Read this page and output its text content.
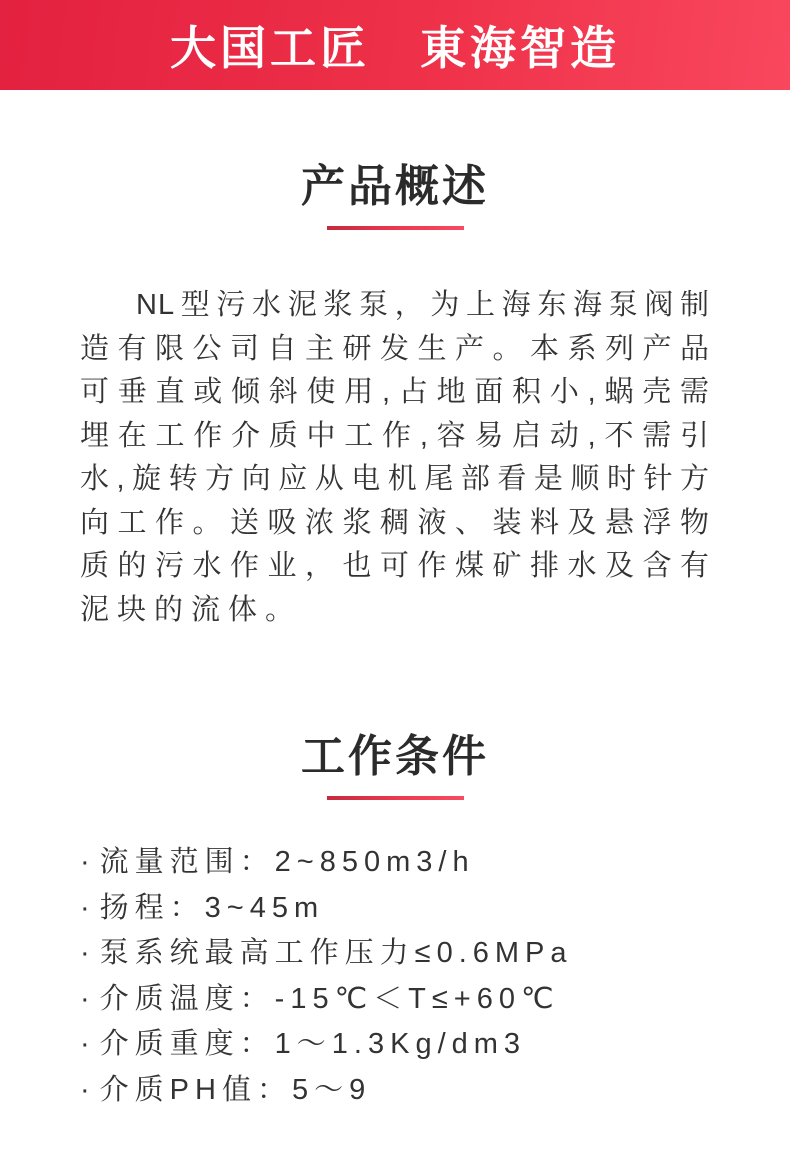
大国工匠　東海智造
产品概述
NL型污水泥浆泵，为上海东海泵阀制
造有限公司自主研发生产。本系列产品
可垂直或倾斜使用,占地面积小,蜗壳需
埋在工作介质中工作,容易启动,不需引
水,旋转方向应从电机尾部看是顺时针方
向工作。送吸浓浆稠液、装料及悬浮物
质的污水作业，也可作煤矿排水及含有
泥块的流体。
工作条件
· 流量范围：2~850m3/h
· 扬程：3~45m
· 泵系统最高工作压力≤0.6MPa
· 介质温度：-15℃＜T≤+60℃
· 介质重度：1～1.3Kg/dm3
· 介质PH值：5～9
